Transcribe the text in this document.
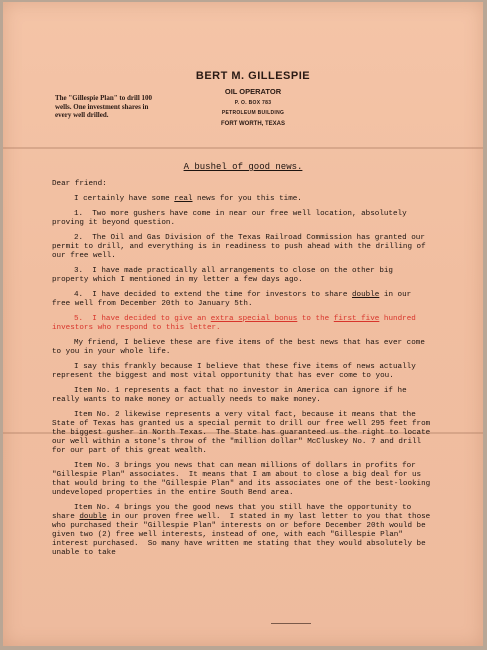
The "Gillespie Plan" to drill 100 wells. One investment shares in every well drilled.
BERT M. GILLESPIE
OIL OPERATOR
P. O. BOX 783
PETROLEUM BUILDING
FORT WORTH, TEXAS
A bushel of good news.

Dear friend:

I certainly have some real news for you this time.

1.  Two more gushers have come in near our free well location, absolutely proving it beyond question.

2.  The Oil and Gas Division of the Texas Railroad Commission has granted our permit to drill, and everything is in readiness to push ahead with the drilling of our free well.

3.  I have made practically all arrangements to close on the other big property which I mentioned in my letter a few days ago.

4.  I have decided to extend the time for investors to share double in our free well from December 20th to January 5th.

5.  I have decided to give an extra special bonus to the first five hundred investors who respond to this letter.

My friend, I believe these are five items of the best news that has ever come to you in your whole life.

I say this frankly because I believe that these five items of news actually represent the biggest and most vital opportunity that has ever come to you.

Item No. 1 represents a fact that no investor in America can ignore if he really wants to make money or actually needs to make money.

Item No. 2 likewise represents a very vital fact, because it means that the State of Texas has granted us a special permit to drill our free well 295 feet from the biggest gusher in North Texas.  The State has guaranteed us the right to locate our well within a stone's throw of the "million dollar" McCluskey No. 7 and drill for our part of this great wealth.

Item No. 3 brings you news that can mean millions of dollars in profits for "Gillespie Plan" associates.  It means that I am about to close a big deal for us that would bring to the "Gillespie Plan" and its associates one of the best-looking undeveloped properties in the entire South Bend area.

Item No. 4 brings you the good news that you still have the opportunity to share double in our proven free well.  I stated in my last letter to you that those who purchased their "Gillespie Plan" interests on or before December 20th would be given two (2) free well interests, instead of one, with each "Gillespie Plan" interest purchased.  So many have written me stating that they would absolutely be unable to take
